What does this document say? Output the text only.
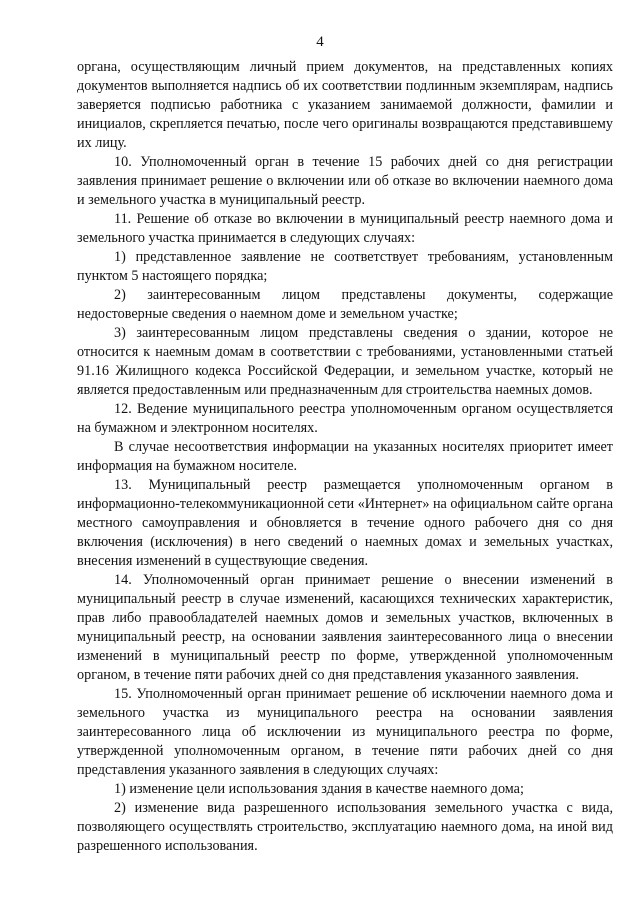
4

органа, осуществляющим личный прием документов, на представленных копиях документов выполняется надпись об их соответствии подлинным экземплярам, надпись заверяется подписью работника с указанием занимаемой должности, фамилии и инициалов, скрепляется печатью, после чего оригиналы возвращаются представившему их лицу.

10. Уполномоченный орган в течение 15 рабочих дней со дня регистрации заявления принимает решение о включении или об отказе во включении наемного дома и земельного участка в муниципальный реестр.

11. Решение об отказе во включении в муниципальный реестр наемного дома и земельного участка принимается в следующих случаях:

1) представленное заявление не соответствует требованиям, установленным пунктом 5 настоящего порядка;

2) заинтересованным лицом представлены документы, содержащие недостоверные сведения о наемном доме и земельном участке;

3) заинтересованным лицом представлены сведения о здании, которое не относится к наемным домам в соответствии с требованиями, установленными статьей 91.16 Жилищного кодекса Российской Федерации, и земельном участке, который не является предоставленным или предназначенным для строительства наемных домов.

12. Ведение муниципального реестра уполномоченным органом осуществляется на бумажном и электронном носителях.

В случае несоответствия информации на указанных носителях приоритет имеет информация на бумажном носителе.

13. Муниципальный реестр размещается уполномоченным органом в информационно-телекоммуникационной сети «Интернет» на официальном сайте органа местного самоуправления и обновляется в течение одного рабочего дня со дня включения (исключения) в него сведений о наемных домах и земельных участках, внесения изменений в существующие сведения.

14. Уполномоченный орган принимает решение о внесении изменений в муниципальный реестр в случае изменений, касающихся технических характеристик, прав либо правообладателей наемных домов и земельных участков, включенных в муниципальный реестр, на основании заявления заинтересованного лица о внесении изменений в муниципальный реестр по форме, утвержденной уполномоченным органом, в течение пяти рабочих дней со дня представления указанного заявления.

15. Уполномоченный орган принимает решение об исключении наемного дома и земельного участка из муниципального реестра на основании заявления заинтересованного лица об исключении из муниципального реестра по форме, утвержденной уполномоченным органом, в течение пяти рабочих дней со дня представления указанного заявления в следующих случаях:

1) изменение цели использования здания в качестве наемного дома;

2) изменение вида разрешенного использования земельного участка с вида, позволяющего осуществлять строительство, эксплуатацию наемного дома, на иной вид разрешенного использования.
